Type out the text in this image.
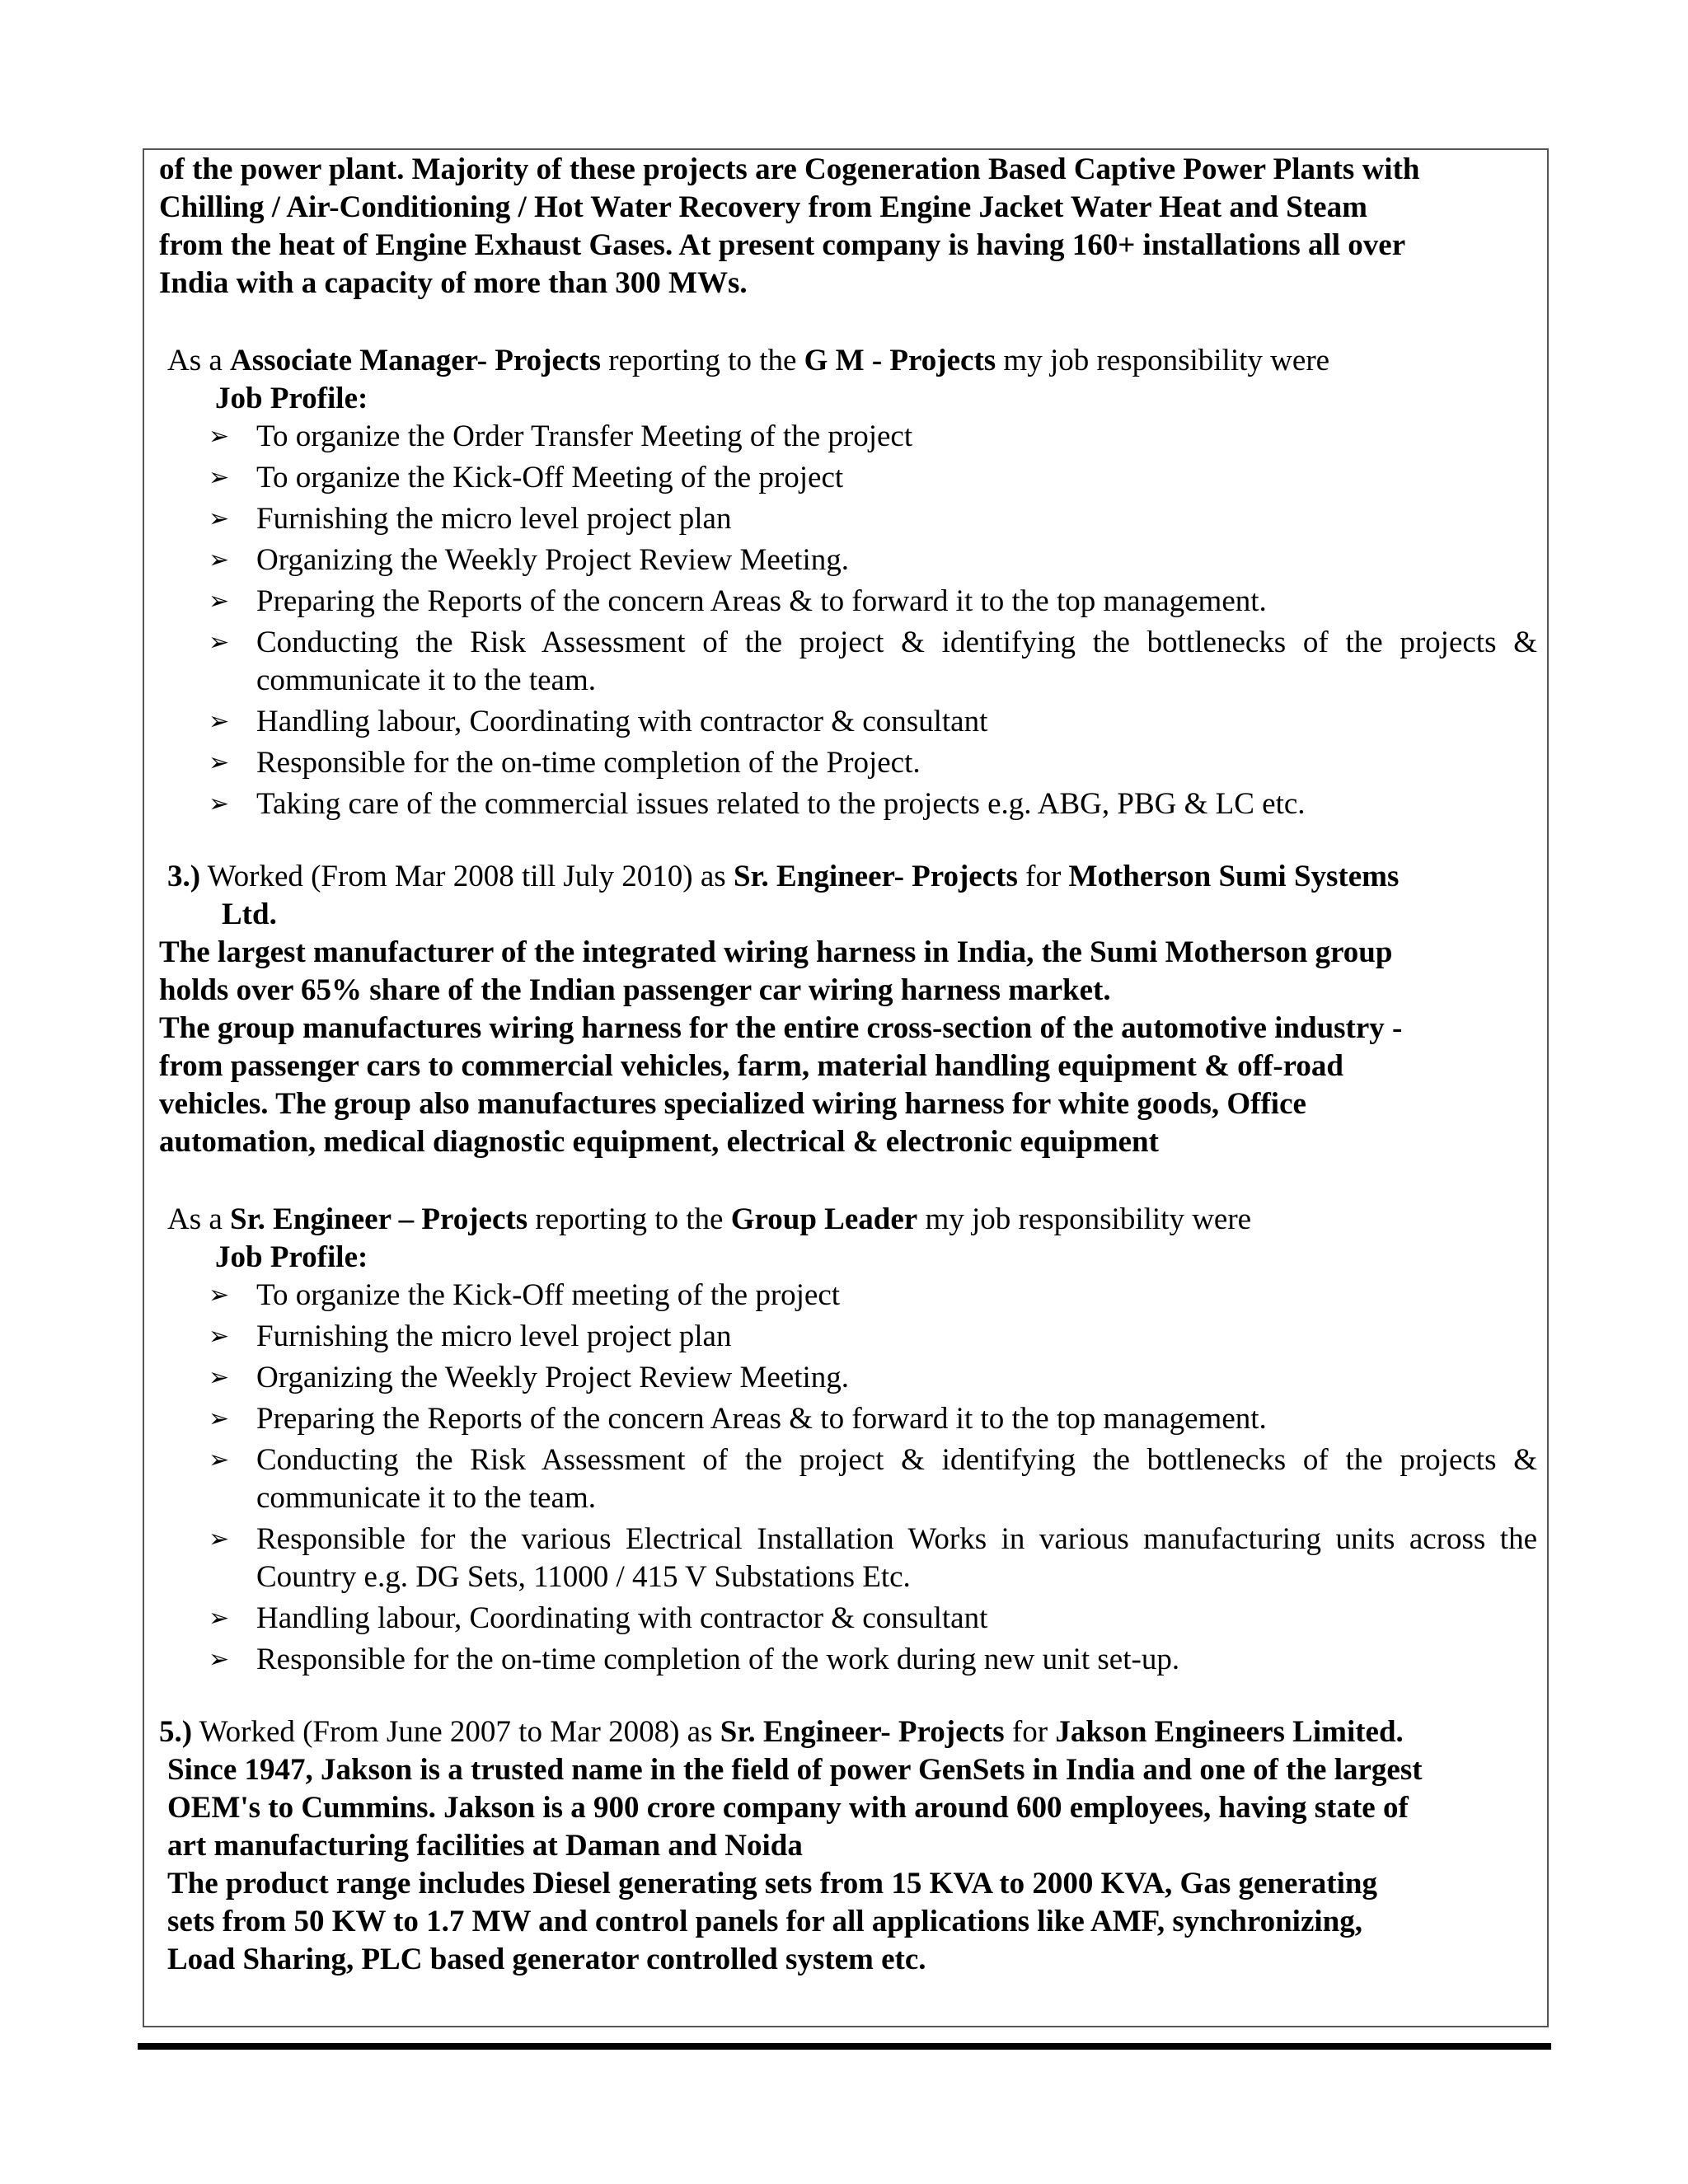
of the power plant. Majority of these projects are Cogeneration Based Captive Power Plants with

Chilling / Air-Conditioning / Hot Water Recovery from Engine Jacket Water Heat and Steam

from the heat of Engine Exhaust Gases. At present company is having 160+ installations all over

India with a capacity of more than 300 MWs.

As a Associate Manager- Projects reporting to the G M - Projects my job responsibility were

Job Profile:

➢ To organize the Order Transfer Meeting of the project
➢ To organize the Kick-Off Meeting of the project
➢ Furnishing the micro level project plan
➢ Organizing the Weekly Project Review Meeting.
➢ Preparing the Reports of the concern Areas & to forward it to the top management.
➢ Conducting the Risk Assessment of the project & identifying the bottlenecks of the projects & communicate it to the team.
➢ Handling labour, Coordinating with contractor & consultant
➢ Responsible for the on-time completion of the Project.
➢ Taking care of the commercial issues related to the projects e.g. ABG, PBG & LC etc.

3.) Worked (From Mar 2008 till July 2010) as Sr. Engineer- Projects for Motherson Sumi Systems
Ltd.

The largest manufacturer of the integrated wiring harness in India, the Sumi Motherson group

holds over 65% share of the Indian passenger car wiring harness market.

The group manufactures wiring harness for the entire cross-section of the automotive industry -

from passenger cars to commercial vehicles, farm, material handling equipment & off-road

vehicles. The group also manufactures specialized wiring harness for white goods, Office

automation, medical diagnostic equipment, electrical & electronic equipment

As a Sr. Engineer – Projects reporting to the Group Leader my job responsibility were

Job Profile:

➢ To organize the Kick-Off meeting of the project
➢ Furnishing the micro level project plan
➢ Organizing the Weekly Project Review Meeting.
➢ Preparing the Reports of the concern Areas & to forward it to the top management.
➢ Conducting the Risk Assessment of the project & identifying the bottlenecks of the projects & communicate it to the team.
➢ Responsible for the various Electrical Installation Works in various manufacturing units across the Country e.g. DG Sets, 11000 / 415 V Substations Etc.
➢ Handling labour, Coordinating with contractor & consultant
➢ Responsible for the on-time completion of the work during new unit set-up.

5.) Worked (From June 2007 to Mar 2008) as Sr. Engineer- Projects for Jakson Engineers Limited.

Since 1947, Jakson is a trusted name in the field of power GenSets in India and one of the largest

OEM's to Cummins. Jakson is a 900 crore company with around 600 employees, having state of

art manufacturing facilities at Daman and Noida

The product range includes Diesel generating sets from 15 KVA to 2000 KVA, Gas generating

sets from 50 KW to 1.7 MW and control panels for all applications like AMF, synchronizing,

Load Sharing, PLC based generator controlled system etc.
